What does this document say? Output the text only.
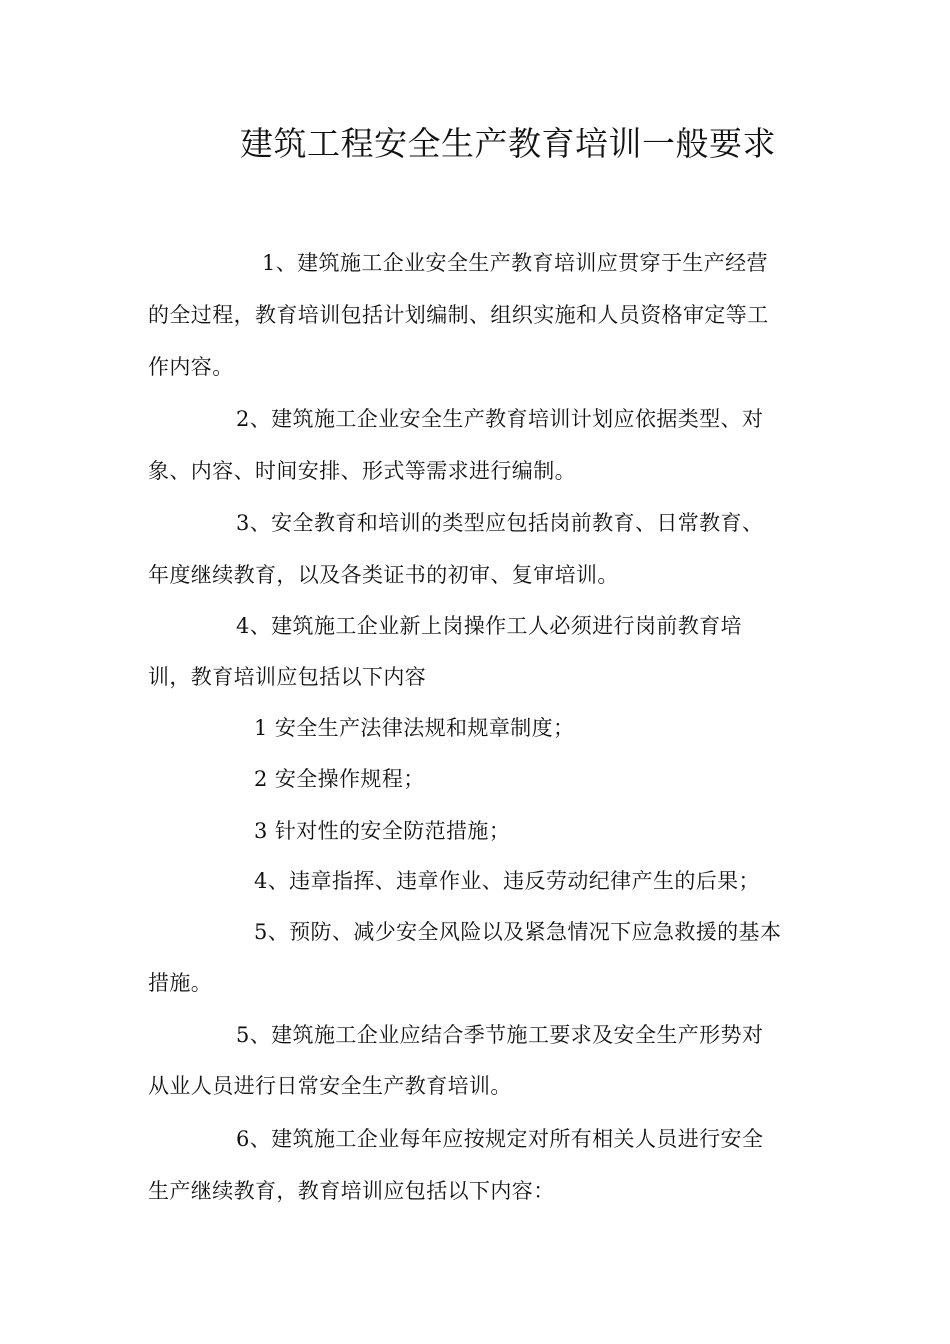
建筑工程安全生产教育培训一般要求
1、建筑施工企业安全生产教育培训应贯穿于生产经营
的全过程，教育培训包括计划编制、组织实施和人员资格审定等工
作内容。
2、建筑施工企业安全生产教育培训计划应依据类型、对
象、内容、时间安排、形式等需求进行编制。
3、安全教育和培训的类型应包括岗前教育、日常教育、
年度继续教育，以及各类证书的初审、复审培训。
4、建筑施工企业新上岗操作工人必须进行岗前教育培
训，教育培训应包括以下内容
1 安全生产法律法规和规章制度；
2 安全操作规程；
3 针对性的安全防范措施；
4、违章指挥、违章作业、违反劳动纪律产生的后果；
5、预防、减少安全风险以及紧急情况下应急救援的基本
措施。
5、建筑施工企业应结合季节施工要求及安全生产形势对
从业人员进行日常安全生产教育培训。
6、建筑施工企业每年应按规定对所有相关人员进行安全
生产继续教育，教育培训应包括以下内容：
